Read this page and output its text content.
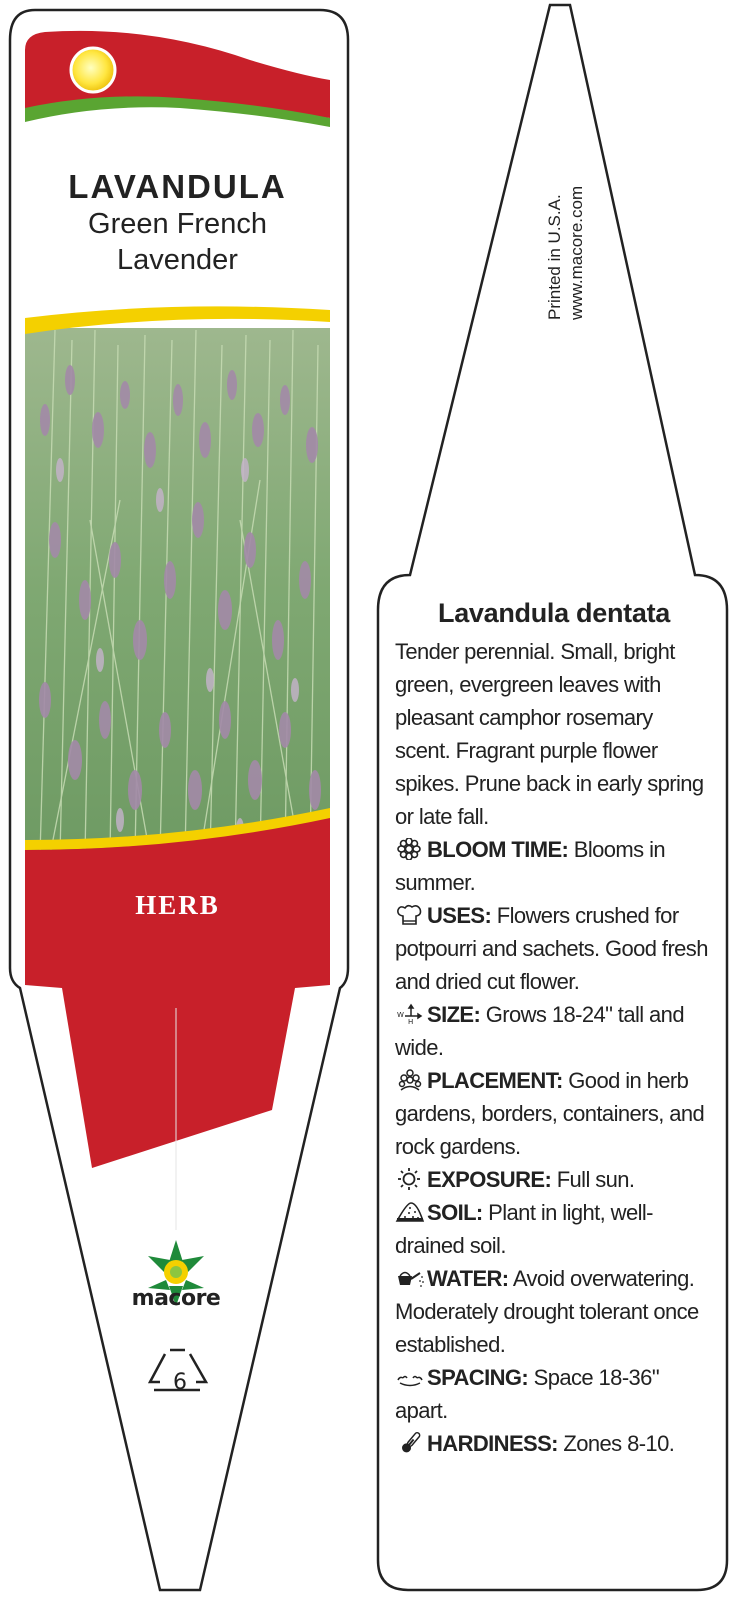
LAVANDULA
Green French
Lavender
HERB
macore
6
Printed in U.S.A. www.macore.com
Lavandula dentata

Tender perennial. Small, bright green, evergreen leaves with pleasant camphor rosemary scent. Fragrant purple flower spikes. Prune back in early spring or late fall.

BLOOM TIME: Blooms in summer.

USES: Flowers crushed for potpourri and sachets. Good fresh and dried cut flower.

W
H SIZE: Grows 18-24" tall and wide.

PLACEMENT: Good in herb gardens, borders, containers, and rock gardens.

EXPOSURE: Full sun.

SOIL: Plant in light, well-drained soil.

WATER: Avoid overwatering. Moderately drought tolerant once established.

SPACING: Space 18-36" apart.

HARDINESS: Zones 8-10.
